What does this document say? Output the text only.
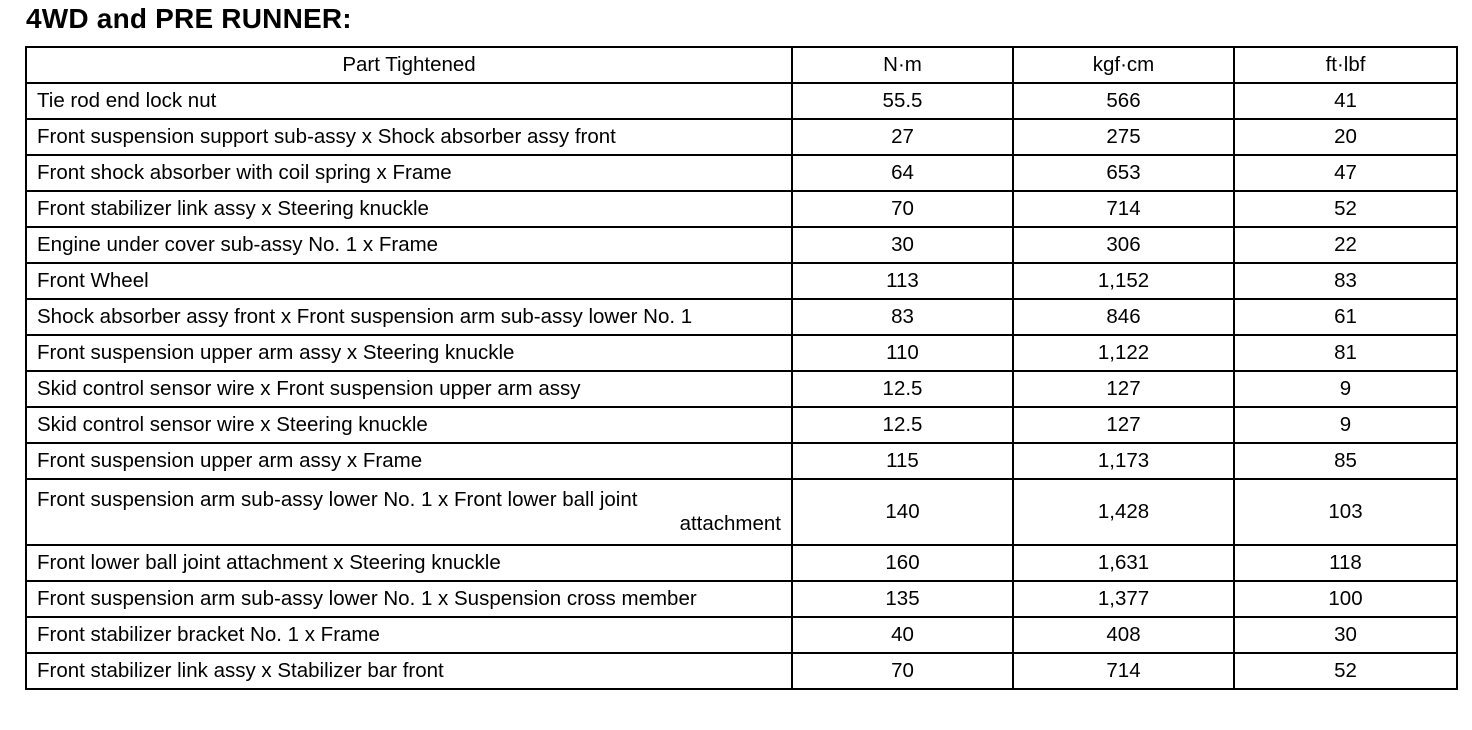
4WD and PRE RUNNER:
Part Tightened	N·m	kgf·cm	ft·lbf
Tie rod end lock nut	55.5	566	41
Front suspension support sub-assy x Shock absorber assy front	27	275	20
Front shock absorber with coil spring x Frame	64	653	47
Front stabilizer link assy x Steering knuckle	70	714	52
Engine under cover sub-assy No. 1 x Frame	30	306	22
Front Wheel	113	1,152	83
Shock absorber assy front x Front suspension arm sub-assy lower No. 1	83	846	61
Front suspension upper arm assy x Steering knuckle	110	1,122	81
Skid control sensor wire x Front suspension upper arm assy	12.5	127	9
Skid control sensor wire x Steering knuckle	12.5	127	9
Front suspension upper arm assy x Frame	115	1,173	85

Front suspension arm sub-assy lower No. 1 x Front lower ball joint
attachment	140	1,428	103
Front lower ball joint attachment x Steering knuckle	160	1,631	118
Front suspension arm sub-assy lower No. 1 x Suspension cross member	135	1,377	100
Front stabilizer bracket No. 1 x Frame	40	408	30
Front stabilizer link assy x Stabilizer bar front	70	714	52
